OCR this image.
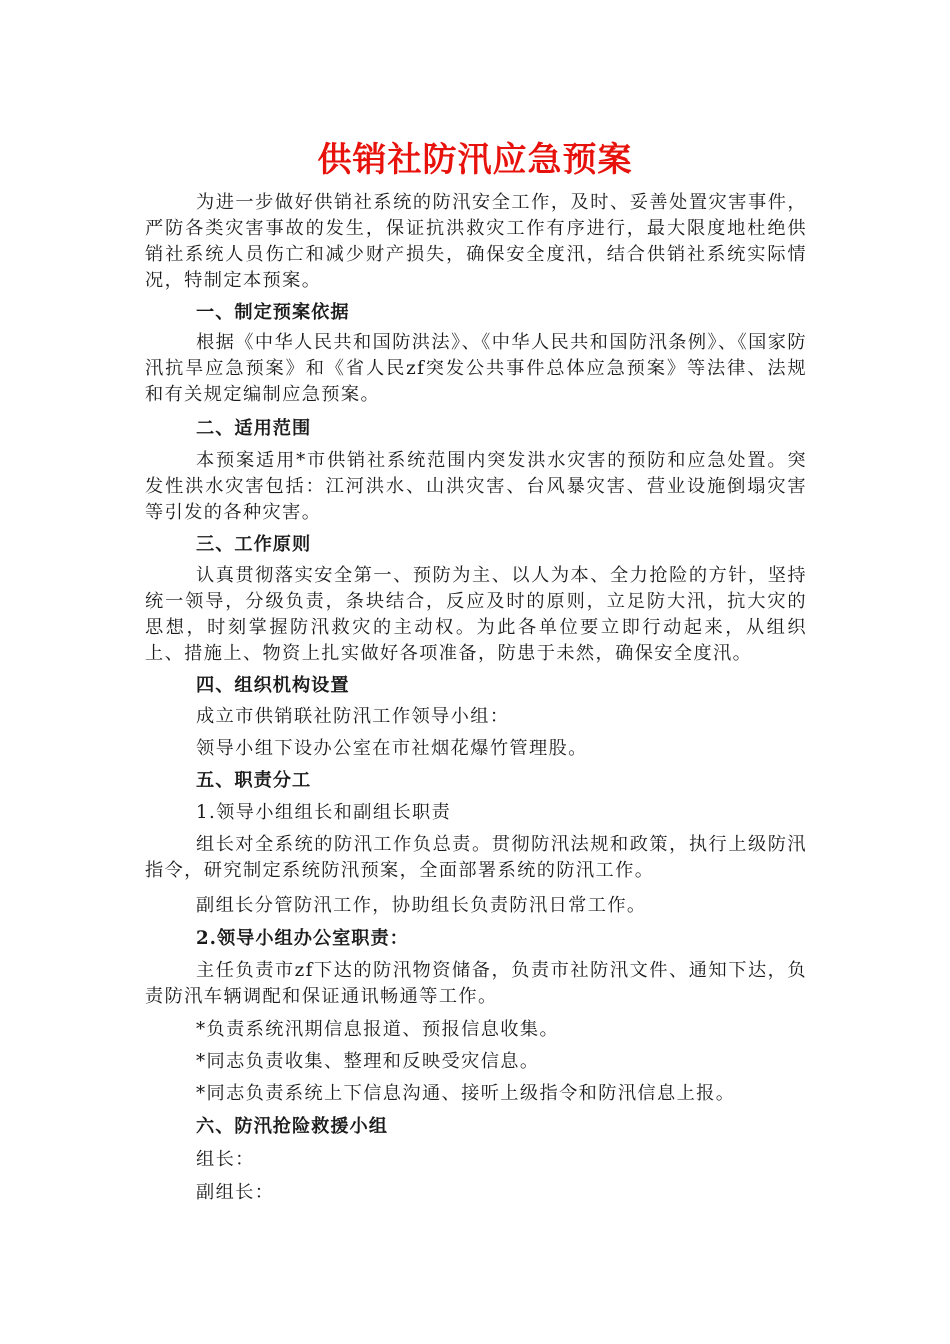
供销社防汛应急预案

为进一步做好供销社系统的防汛安全工作，及时、妥善处置灾害事件，严防各类灾害事故的发生，保证抗洪救灾工作有序进行，最大限度地杜绝供销社系统人员伤亡和减少财产损失，确保安全度汛，结合供销社系统实际情况，特制定本预案。

一、制定预案依据

根据《中华人民共和国防洪法》、《中华人民共和国防汛条例》、《国家防汛抗旱应急预案》和《省人民zf突发公共事件总体应急预案》等法律、法规和有关规定编制应急预案。

二、适用范围

本预案适用*市供销社系统范围内突发洪水灾害的预防和应急处置。突发性洪水灾害包括：江河洪水、山洪灾害、台风暴灾害、营业设施倒塌灾害等引发的各种灾害。

三、工作原则

认真贯彻落实安全第一、预防为主、以人为本、全力抢险的方针，坚持统一领导，分级负责，条块结合，反应及时的原则，立足防大汛，抗大灾的思想，时刻掌握防汛救灾的主动权。为此各单位要立即行动起来，从组织上、措施上、物资上扎实做好各项准备，防患于未然，确保安全度汛。

四、组织机构设置

成立市供销联社防汛工作领导小组：

领导小组下设办公室在市社烟花爆竹管理股。

五、职责分工

1.领导小组组长和副组长职责

组长对全系统的防汛工作负总责。贯彻防汛法规和政策，执行上级防汛指令，研究制定系统防汛预案，全面部署系统的防汛工作。

副组长分管防汛工作，协助组长负责防汛日常工作。

2.领导小组办公室职责：

主任负责市zf下达的防汛物资储备，负责市社防汛文件、通知下达，负责防汛车辆调配和保证通讯畅通等工作。

*负责系统汛期信息报道、预报信息收集。

*同志负责收集、整理和反映受灾信息。

*同志负责系统上下信息沟通、接听上级指令和防汛信息上报。

六、防汛抢险救援小组

组长：

副组长：
